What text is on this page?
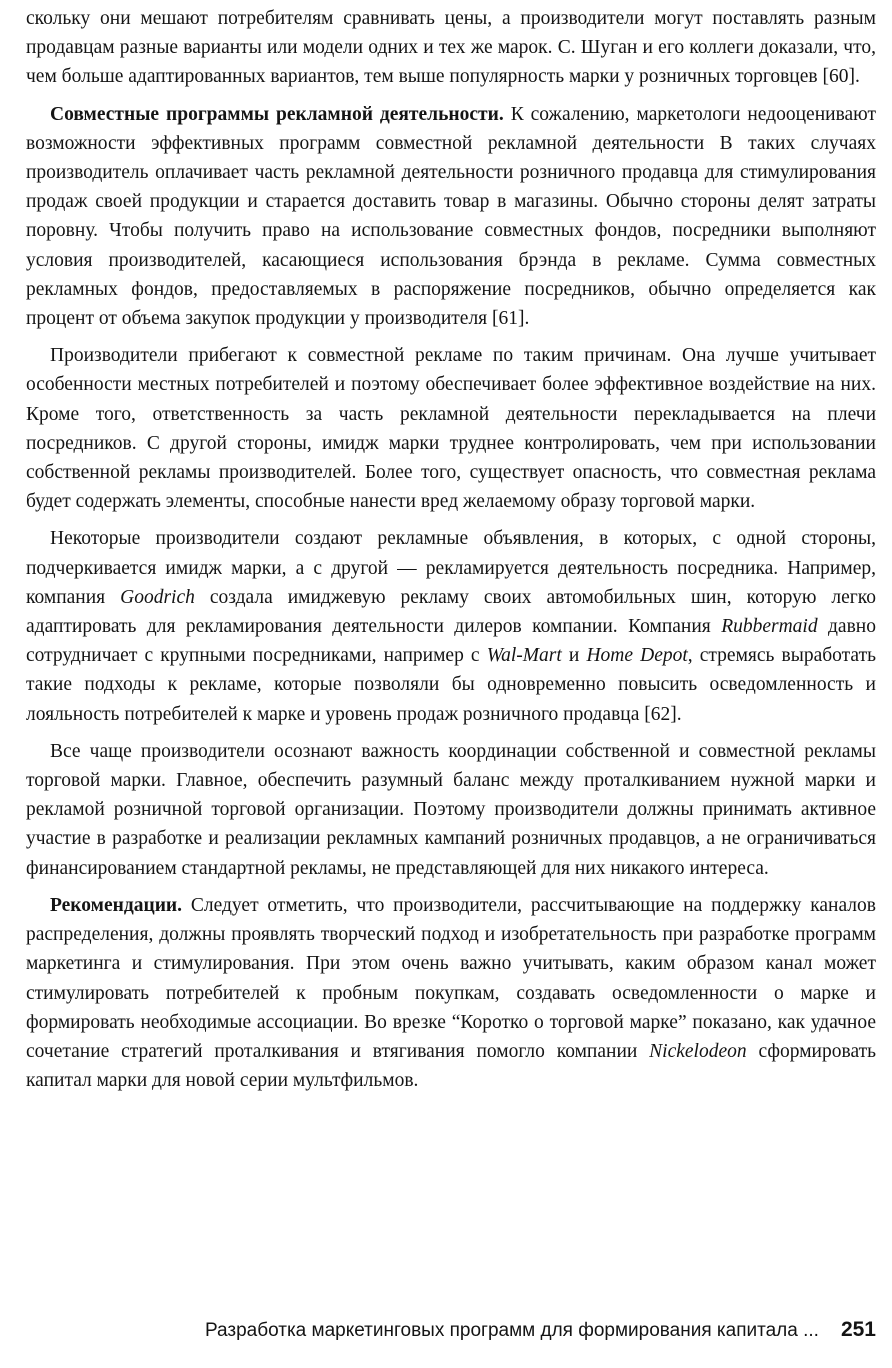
скольку они мешают потребителям сравнивать цены, а производители могут поставлять разным продавцам разные варианты или модели одних и тех же марок. С. Шуган и его коллеги доказали, что, чем больше адаптированных вариантов, тем выше популярность марки у розничных торговцев [60].

Совместные программы рекламной деятельности. К сожалению, маркетологи недооценивают возможности эффективных программ совместной рекламной деятельности В таких случаях производитель оплачивает часть рекламной деятельности розничного продавца для стимулирования продаж своей продукции и старается доставить товар в магазины. Обычно стороны делят затраты поровну. Чтобы получить право на использование совместных фондов, посредники выполняют условия производителей, касающиеся использования брэнда в рекламе. Сумма совместных рекламных фондов, предоставляемых в распоряжение посредников, обычно определяется как процент от объема закупок продукции у производителя [61].

Производители прибегают к совместной рекламе по таким причинам. Она лучше учитывает особенности местных потребителей и поэтому обеспечивает более эффективное воздействие на них. Кроме того, ответственность за часть рекламной деятельности перекладывается на плечи посредников. С другой стороны, имидж марки труднее контролировать, чем при использовании собственной рекламы производителей. Более того, существует опасность, что совместная реклама будет содержать элементы, способные нанести вред желаемому образу торговой марки.

Некоторые производители создают рекламные объявления, в которых, с одной стороны, подчеркивается имидж марки, а с другой — рекламируется деятельность посредника. Например, компания Goodrich создала имиджевую рекламу своих автомобильных шин, которую легко адаптировать для рекламирования деятельности дилеров компании. Компания Rubbermaid давно сотрудничает с крупными посредниками, например с Wal-Mart и Home Depot, стремясь выработать такие подходы к рекламе, которые позволяли бы одновременно повысить осведомленность и лояльность потребителей к марке и уровень продаж розничного продавца [62].

Все чаще производители осознают важность координации собственной и совместной рекламы торговой марки. Главное, обеспечить разумный баланс между проталкиванием нужной марки и рекламой розничной торговой организации. Поэтому производители должны принимать активное участие в разработке и реализации рекламных кампаний розничных продавцов, а не ограничиваться финансированием стандартной рекламы, не представляющей для них никакого интереса.

Рекомендации. Следует отметить, что производители, рассчитывающие на поддержку каналов распределения, должны проявлять творческий подход и изобретательность при разработке программ маркетинга и стимулирования. При этом очень важно учитывать, каким образом канал может стимулировать потребителей к пробным покупкам, создавать осведомленности о марке и формировать необходимые ассоциации. Во врезке “Коротко о торговой марке” показано, как удачное сочетание стратегий проталкивания и втягивания помогло компании Nickelodeon сформировать капитал марки для новой серии мультфильмов.

Разработка маркетинговых программ для формирования капитала ... 251
